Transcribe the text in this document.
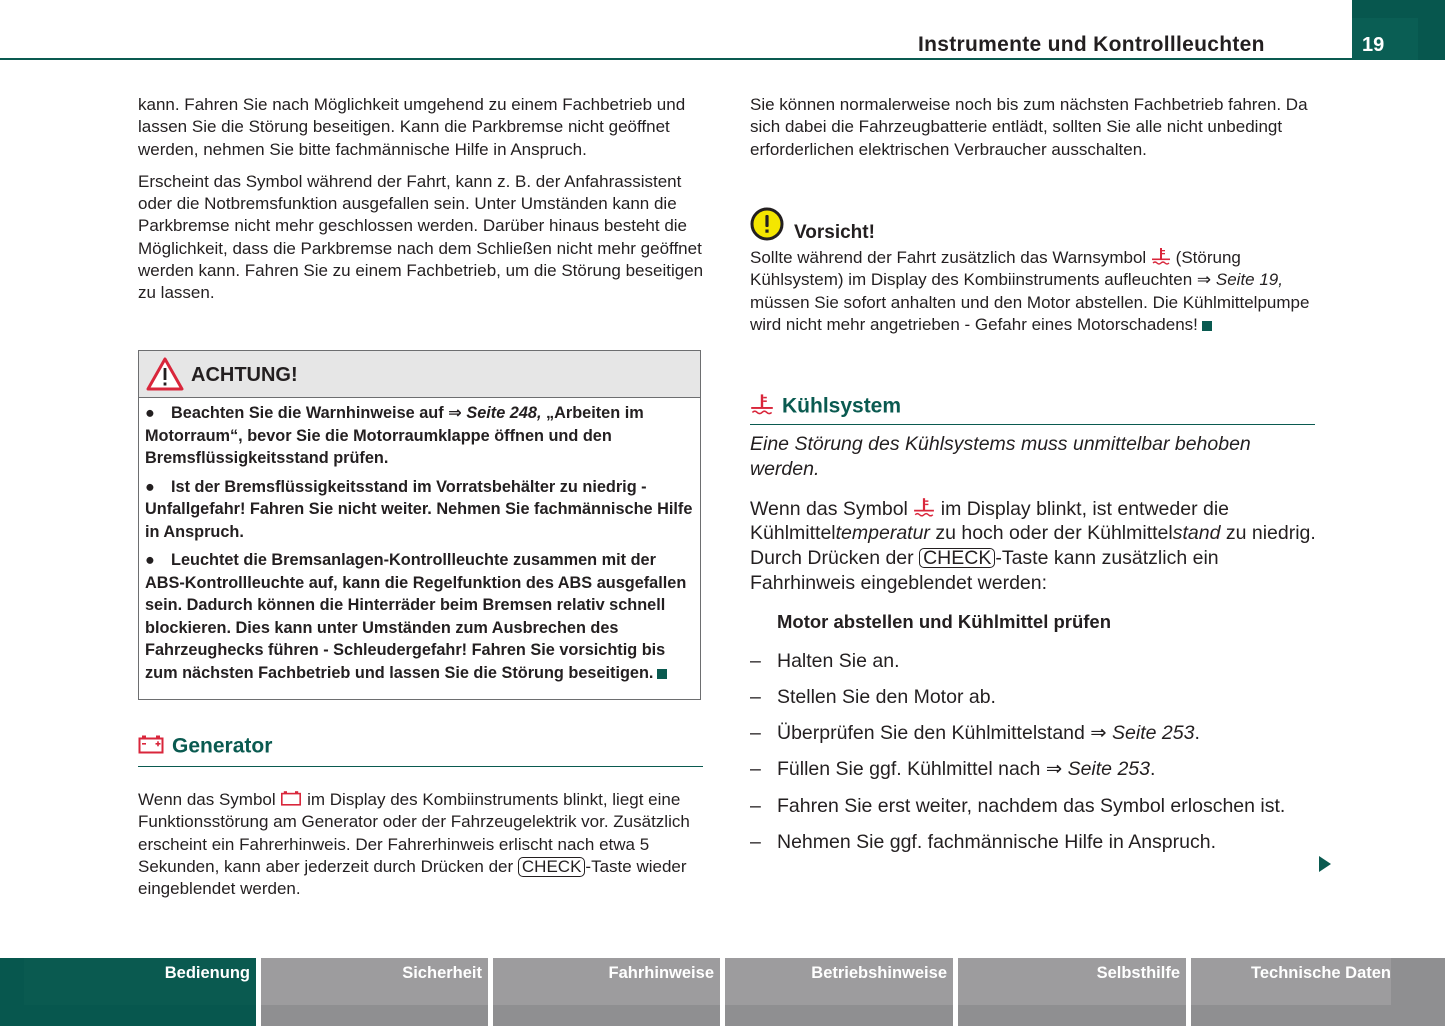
Instrumente und Kontrollleuchten	19

kann. Fahren Sie nach Möglichkeit umgehend zu einem Fachbetrieb und lassen Sie die Störung beseitigen. Kann die Parkbremse nicht geöffnet werden, nehmen Sie bitte fachmännische Hilfe in Anspruch.

Erscheint das Symbol während der Fahrt, kann z. B. der Anfahrassistent oder die Notbremsfunktion ausgefallen sein. Unter Umständen kann die Parkbremse nicht mehr geschlossen werden. Darüber hinaus besteht die Möglichkeit, dass die Parkbremse nach dem Schließen nicht mehr geöffnet werden kann. Fahren Sie zu einem Fachbetrieb, um die Störung beseitigen zu lassen.

ACHTUNG!
● Beachten Sie die Warnhinweise auf ⇒ Seite 248, „Arbeiten im Motorraum“, bevor Sie die Motorraumklappe öffnen und den Bremsflüssigkeitsstand prüfen.
● Ist der Bremsflüssigkeitsstand im Vorratsbehälter zu niedrig - Unfallgefahr! Fahren Sie nicht weiter. Nehmen Sie fachmännische Hilfe in Anspruch.
● Leuchtet die Bremsanlagen-Kontrollleuchte zusammen mit der ABS-Kontrollleuchte auf, kann die Regelfunktion des ABS ausgefallen sein. Dadurch können die Hinterräder beim Bremsen relativ schnell blockieren. Dies kann unter Umständen zum Ausbrechen des Fahrzeughecks führen - Schleudergefahr! Fahren Sie vorsichtig bis zum nächsten Fachbetrieb und lassen Sie die Störung beseitigen.
Generator
Wenn das Symbol  im Display des Kombiinstruments blinkt, liegt eine Funktionsstörung am Generator oder der Fahrzeugelektrik vor. Zusätzlich erscheint ein Fahrerhinweis. Der Fahrerhinweis erlischt nach etwa 5 Sekunden, kann aber jederzeit durch Drücken der CHECK -Taste wieder eingeblendet werden.

Sie können normalerweise noch bis zum nächsten Fachbetrieb fahren. Da sich dabei die Fahrzeugbatterie entlädt, sollten Sie alle nicht unbedingt erforderlichen elektrischen Verbraucher ausschalten.

Vorsicht!
Sollte während der Fahrt zusätzlich das Warnsymbol  (Störung Kühlsystem) im Display des Kombiinstruments aufleuchten ⇒ Seite 19, müssen Sie sofort anhalten und den Motor abstellen. Die Kühlmittelpumpe wird nicht mehr angetrieben - Gefahr eines Motorschadens!
Kühlsystem
Eine Störung des Kühlsystems muss unmittelbar behoben werden.
Wenn das Symbol  im Display blinkt, ist entweder die Kühlmitteltemperatur zu hoch oder der Kühlmittelstand zu niedrig. Durch Drücken der CHECK -Taste kann zusätzlich ein Fahrhinweis eingeblendet werden:
Motor abstellen und Kühlmittel prüfen
– Halten Sie an.
– Stellen Sie den Motor ab.
– Überprüfen Sie den Kühlmittelstand ⇒ Seite 253.
– Füllen Sie ggf. Kühlmittel nach ⇒ Seite 253.
– Fahren Sie erst weiter, nachdem das Symbol erloschen ist.
– Nehmen Sie ggf. fachmännische Hilfe in Anspruch.
Bedienung	Sicherheit	Fahrhinweise	Betriebshinweise	Selbsthilfe	Technische Daten
